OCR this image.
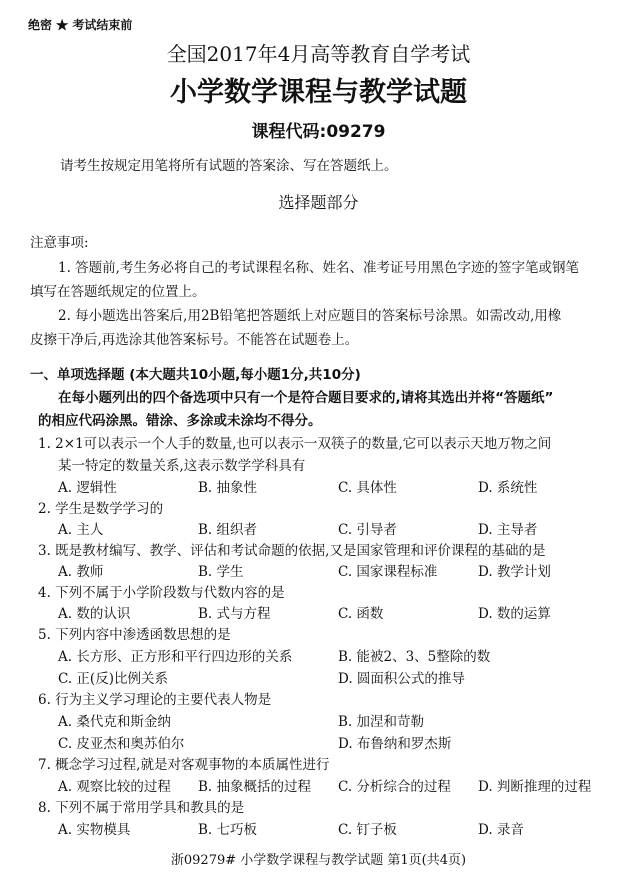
绝密 ★ 考试结束前
全国2017年4月高等教育自学考试
小学数学课程与教学试题
课程代码:09279
请考生按规定用笔将所有试题的答案涂、写在答题纸上。
选择题部分
注意事项:
1. 答题前,考生务必将自己的考试课程名称、姓名、准考证号用黑色字迹的签字笔或钢笔
填写在答题纸规定的位置上。
2. 每小题选出答案后,用2B铅笔把答题纸上对应题目的答案标号涂黑。如需改动,用橡
皮擦干净后,再选涂其他答案标号。不能答在试题卷上。
一、单项选择题 (本大题共10小题,每小题1分,共10分)
在每小题列出的四个备选项中只有一个是符合题目要求的,请将其选出并将“答题纸”
的相应代码涂黑。错涂、多涂或未涂均不得分。
1. 2×1可以表示一个人手的数量,也可以表示一双筷子的数量,它可以表示天地万物之间
某一特定的数量关系,这表示数学学科具有
A. 逻辑性	B. 抽象性	C. 具体性	D. 系统性
2. 学生是数学学习的
A. 主人	B. 组织者	C. 引导者	D. 主导者
3. 既是教材编写、教学、评估和考试命题的依据,又是国家管理和评价课程的基础的是
A. 教师	B. 学生	C. 国家课程标准	D. 教学计划
4. 下列不属于小学阶段数与代数内容的是
A. 数的认识	B. 式与方程	C. 函数	D. 数的运算
5. 下列内容中渗透函数思想的是
A. 长方形、正方形和平行四边形的关系	B. 能被2、3、5整除的数
C. 正(反)比例关系	D. 圆面积公式的推导
6. 行为主义学习理论的主要代表人物是
A. 桑代克和斯金纳	B. 加涅和苛勒
C. 皮亚杰和奥苏伯尔	D. 布鲁纳和罗杰斯
7. 概念学习过程,就是对客观事物的本质属性进行
A. 观察比较的过程 B. 抽象概括的过程 C. 分析综合的过程 D. 判断推理的过程
8. 下列不属于常用学具和教具的是
A. 实物模具	B. 七巧板	C. 钉子板	D. 录音
浙09279# 小学数学课程与教学试题 第1页(共4页)
